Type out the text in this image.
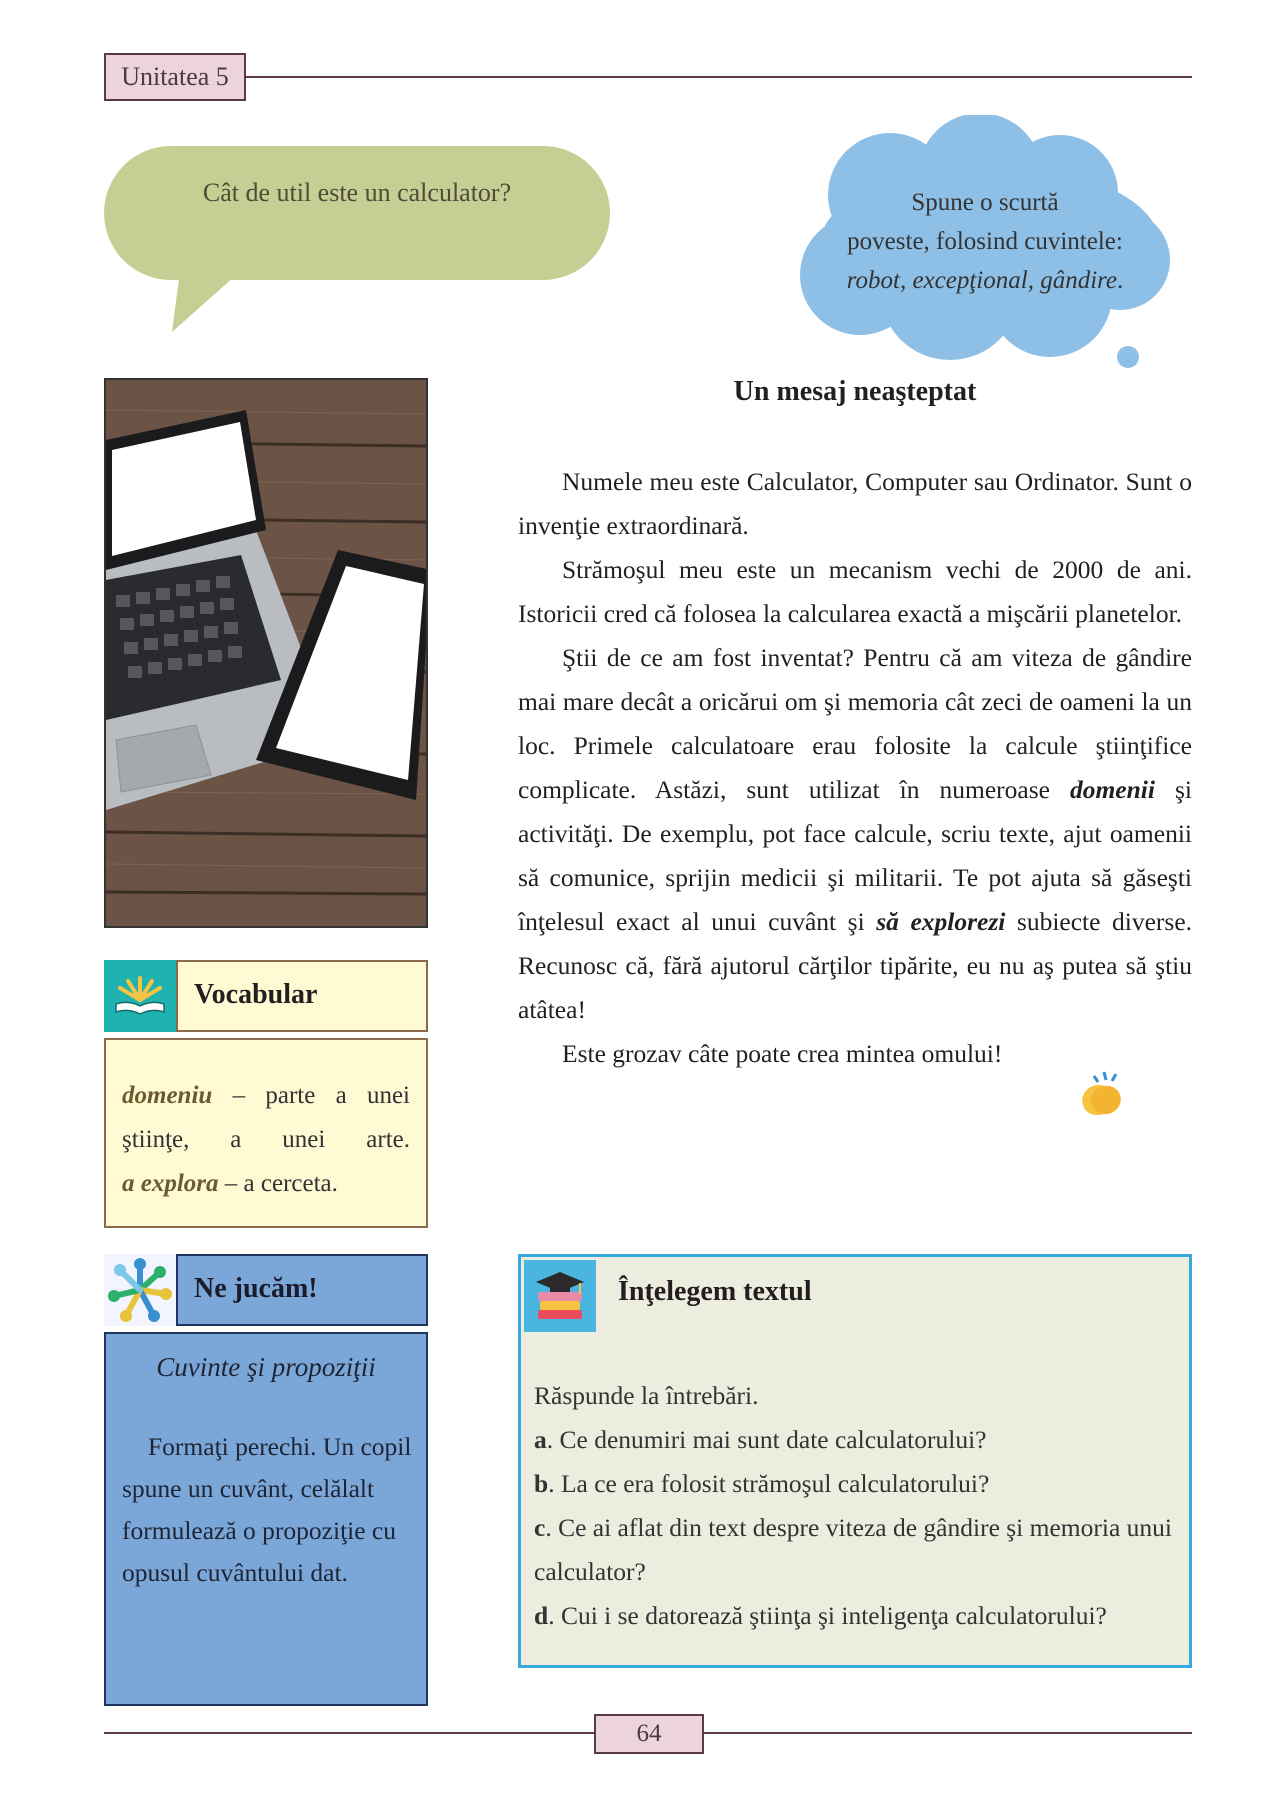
Unitatea 5
Cât de util este un calculator?	Spune o scurtă
poveste, folosind cuvintele:
robot, excepţional, gândire.
Un mesaj neaşteptat

Numele meu este Calculator, Computer sau Ordinator. Sunt o invenţie extraordinară.

Strămoşul meu este un mecanism vechi de 2000 de ani. Istoricii cred că folosea la calcularea exactă a mişcării planetelor.

Ştii de ce am fost inventat? Pentru că am viteza de gândire mai mare decât a oricărui om şi memoria cât zeci de oameni la un loc. Primele calculatoare erau folosite la calcule ştiinţifice complicate. Astăzi, sunt utilizat în numeroase domenii şi activităţi. De exemplu, pot face calcule, scriu texte, ajut oamenii să comunice, sprijin medicii şi militarii. Te pot ajuta să găseşti înţelesul exact al unui cuvânt şi să explorezi subiecte diverse. Recunosc că, fără ajutorul cărţilor tipărite, eu nu aş putea să ştiu atâtea!

Este grozav câte poate crea mintea omului!

Vocabular

domeniu – parte a unei ştiinţe, a unei arte.

a explora – a cerceta.

Ne jucăm!
Cuvinte şi propoziţii

Formaţi perechi. Un copil spune un cuvânt, celălalt formulează o propoziţie cu opusul cuvântului dat.

Înţelegem textul

Răspunde la întrebări.

a. Ce denumiri mai sunt date calculatorului?

b. La ce era folosit strămoşul calculatorului?

c. Ce ai aflat din text despre viteza de gândire şi memoria unui calculator?

d. Cui i se datorează ştiinţa şi inteligenţa calculatorului?

64
